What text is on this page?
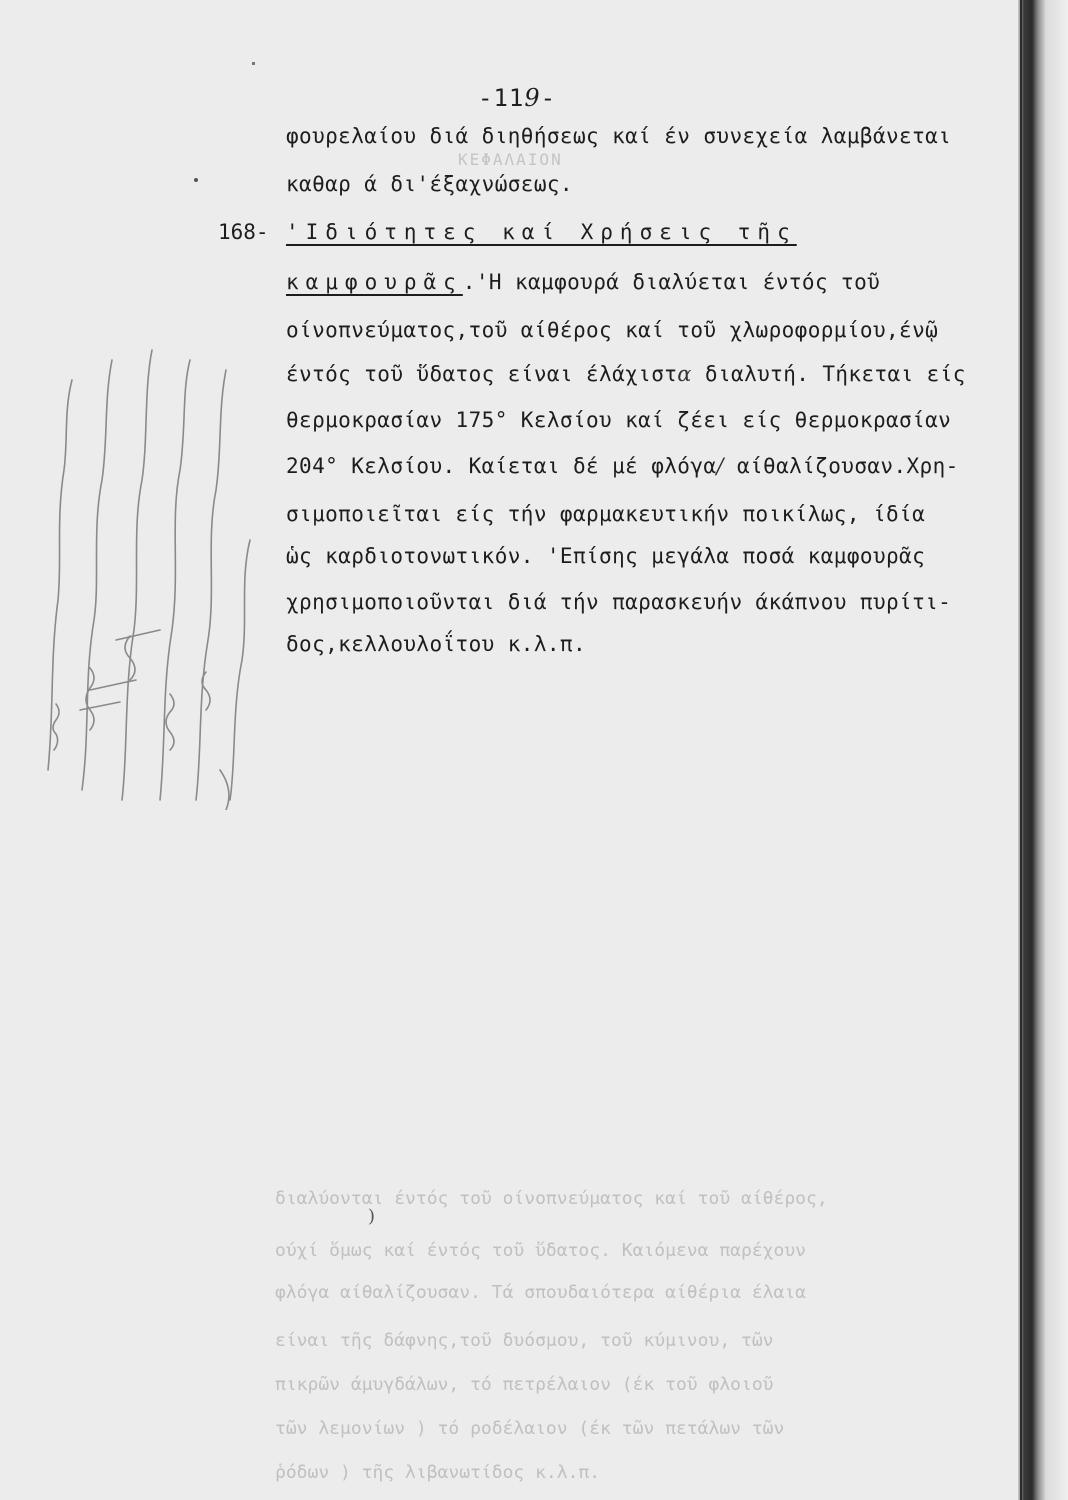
ΚΕΦΑΛΑΙΟΝ
διαλύονται έντός τοῦ οίνοπνεύματος καί τοῦ αίθέρος,
ούχί ὅμως καί έντός τοῦ ὕδατος. Καιόμενα παρέχουν
φλόγα αίθαλίζουσαν. Τά σπουδαιότερα αίθέρια έλαια
είναι τῆς δάφνης,τοῦ δυόσμου, τοῦ κύμινου, τῶν
πικρῶν άμυγδάλων, τό πετρέλαιον (έκ τοῦ φλοιοῦ
τῶν λεμονίων ) τό ροδέλαιον (έκ τῶν πετάλων τῶν
ῥόδων ) τῆς λιβανωτίδος κ.λ.π.
-119-
φουρελαίου διά διηθήσεως καί έν συνεχεία λαμβάνεται
καθαρ ά δι'έξαχνώσεως.
168- 'Ιδιότητες καί Χρήσεις τῆς
καμφουρᾶς.'Η καμφουρά διαλύεται έντός τοῦ
οίνοπνεύματος,τοῦ αίθέρος καί τοῦ χλωροφορμίου,ένῷ
έντός τοῦ ὕδατος είναι έλάχιστα διαλυτή. Τήκεται είς
θερμοκρασίαν 175° Κελσίου καί ζέει είς θερμοκρασίαν
204° Κελσίου. Καίεται δέ μέ φλόγα/ αίθαλίζουσαν.Χρη-
σιμοποιεῖται είς τήν φαρμακευτικήν ποικίλως, ίδία
ὡς καρδιοτονωτικόν. 'Επίσης μεγάλα ποσά καμφουρᾶς
χρησιμοποιοῦνται διά τήν παρασκευήν άκάπνου πυρίτι-
δος,κελλουλοΐτου κ.λ.π.
)
